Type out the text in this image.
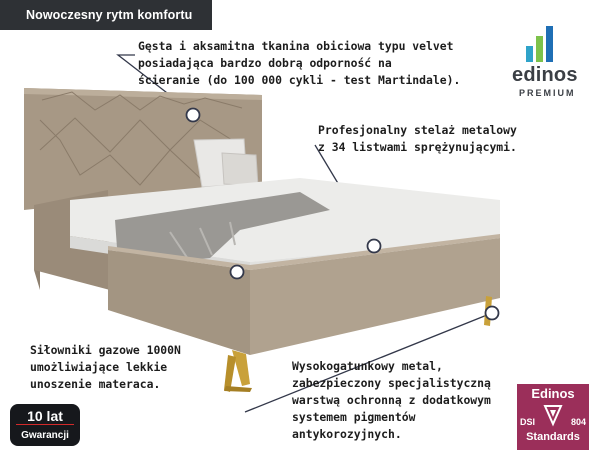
Nowoczesny rytm komfortu
Gęsta i aksamitna tkanina obiciowa typu velvet
posiadająca bardzo dobrą odporność na
ścieranie (do 100 000 cykli - test Martindale).
Profesjonalny stelaż metalowy
z 34 listwami sprężynującymi.
Siłowniki gazowe 1000N
umożliwiające lekkie
unoszenie materaca.
Wysokogatunkowy metal,
zabezpieczony specjalistyczną
warstwą ochronną z dodatkowym
systemem pigmentów
antykorozyjnych.
edinos
PREMIUM
10 lat
Gwarancji
Edinos
DSI	804
Standards
